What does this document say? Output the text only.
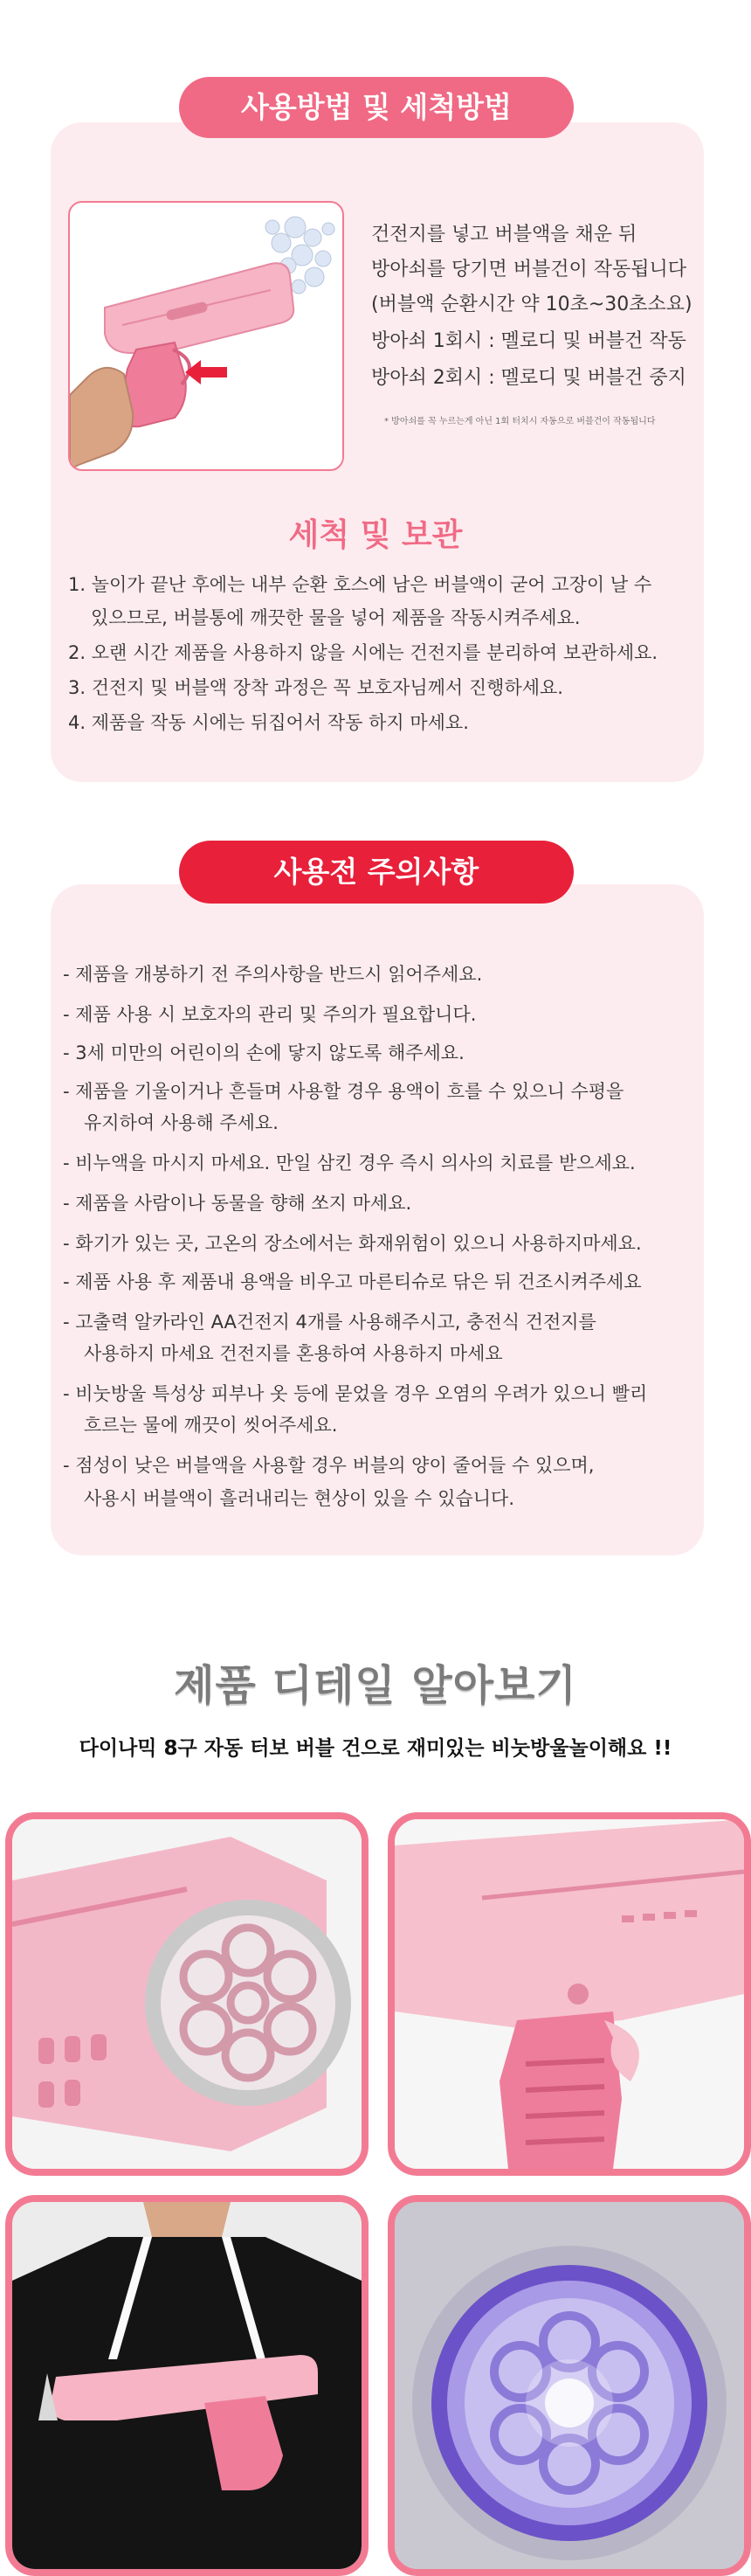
사용방법 및 세척방법
건전지를 넣고 버블액을 채운 뒤
방아쇠를 당기면 버블건이 작동됩니다
(버블액 순환시간 약 10초~30초소요)
방아쇠 1회시 : 멜로디 및 버블건 작동
방아쇠 2회시 : 멜로디 및 버블건 중지
* 방아쇠를 꼭 누르는게 아닌 1회 터치시 자동으로 버블건이 작동됩니다
세척 및 보관
1. 놀이가 끝난 후에는 내부 순환 호스에 남은 버블액이 굳어 고장이 날 수
있으므로, 버블통에 깨끗한 물을 넣어 제품을 작동시켜주세요.
2. 오랜 시간 제품을 사용하지 않을 시에는 건전지를 분리하여 보관하세요.
3. 건전지 및 버블액 장착 과정은 꼭 보호자님께서 진행하세요.
4. 제품을 작동 시에는 뒤집어서 작동 하지 마세요.
사용전 주의사항
- 제품을 개봉하기 전 주의사항을 반드시 읽어주세요.
- 제품 사용 시 보호자의 관리 및 주의가 필요합니다.
- 3세 미만의 어린이의 손에 닿지 않도록 해주세요.
- 제품을 기울이거나 흔들며 사용할 경우 용액이 흐를 수 있으니 수평을
유지하여 사용해 주세요.
- 비누액을 마시지 마세요. 만일 삼킨 경우 즉시 의사의 치료를 받으세요.
- 제품을 사람이나 동물을 향해 쏘지 마세요.
- 화기가 있는 곳, 고온의 장소에서는 화재위험이 있으니 사용하지마세요.
- 제품 사용 후 제품내 용액을 비우고 마른티슈로 닦은 뒤 건조시켜주세요
- 고출력 알카라인 AA건전지 4개를 사용해주시고, 충전식 건전지를
사용하지 마세요 건전지를 혼용하여 사용하지 마세요
- 비눗방울 특성상 피부나 옷 등에 묻었을 경우 오염의 우려가 있으니 빨리
흐르는 물에 깨끗이 씻어주세요.
- 점성이 낮은 버블액을 사용할 경우 버블의 양이 줄어들 수 있으며,
사용시 버블액이 흘러내리는 현상이 있을 수 있습니다.
제품 디테일 알아보기
다이나믹 8구 자동 터보 버블 건으로 재미있는 비눗방울놀이해요 !!
